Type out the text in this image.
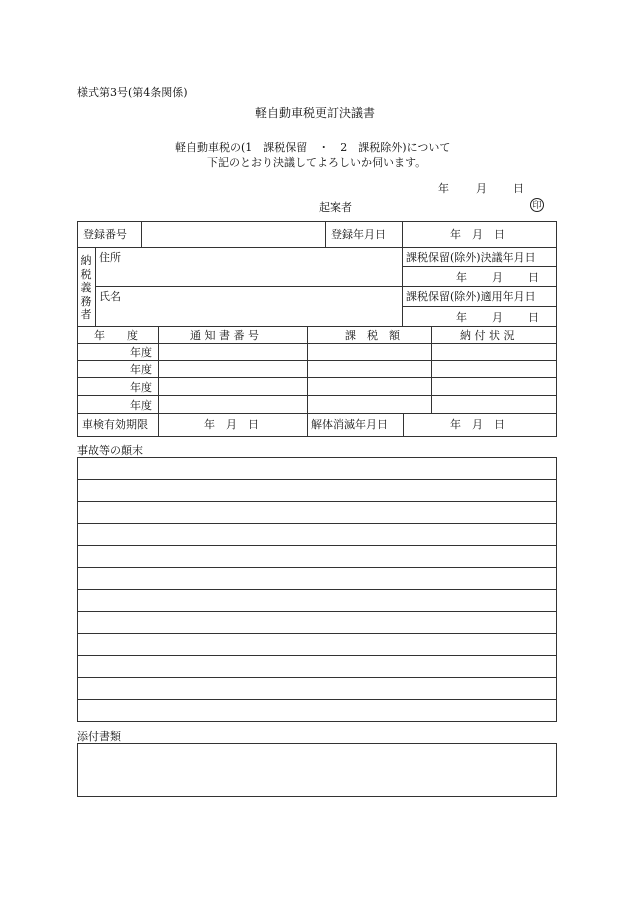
様式第3号(第4条関係)
軽自動車税更訂決議書
軽自動車税の(1　課税保留　・　2　課税除外)について
下記のとおり決議してよろしいか伺います。
年 月 日
起案者	印
登録番号	登録年月日	年　月　日
納
税
義
務
者
住所	課税保留(除外)決議年月日
年 月 日
氏名	課税保留(除外)適用年月日
年 月 日
年　　度	通 知 書 番 号	課　税　額	納 付 状 況
年度
年度
年度
年度
車検有効期限	年　月　日	解体消滅年月日	年　月　日
事故等の顛末
添付書類
